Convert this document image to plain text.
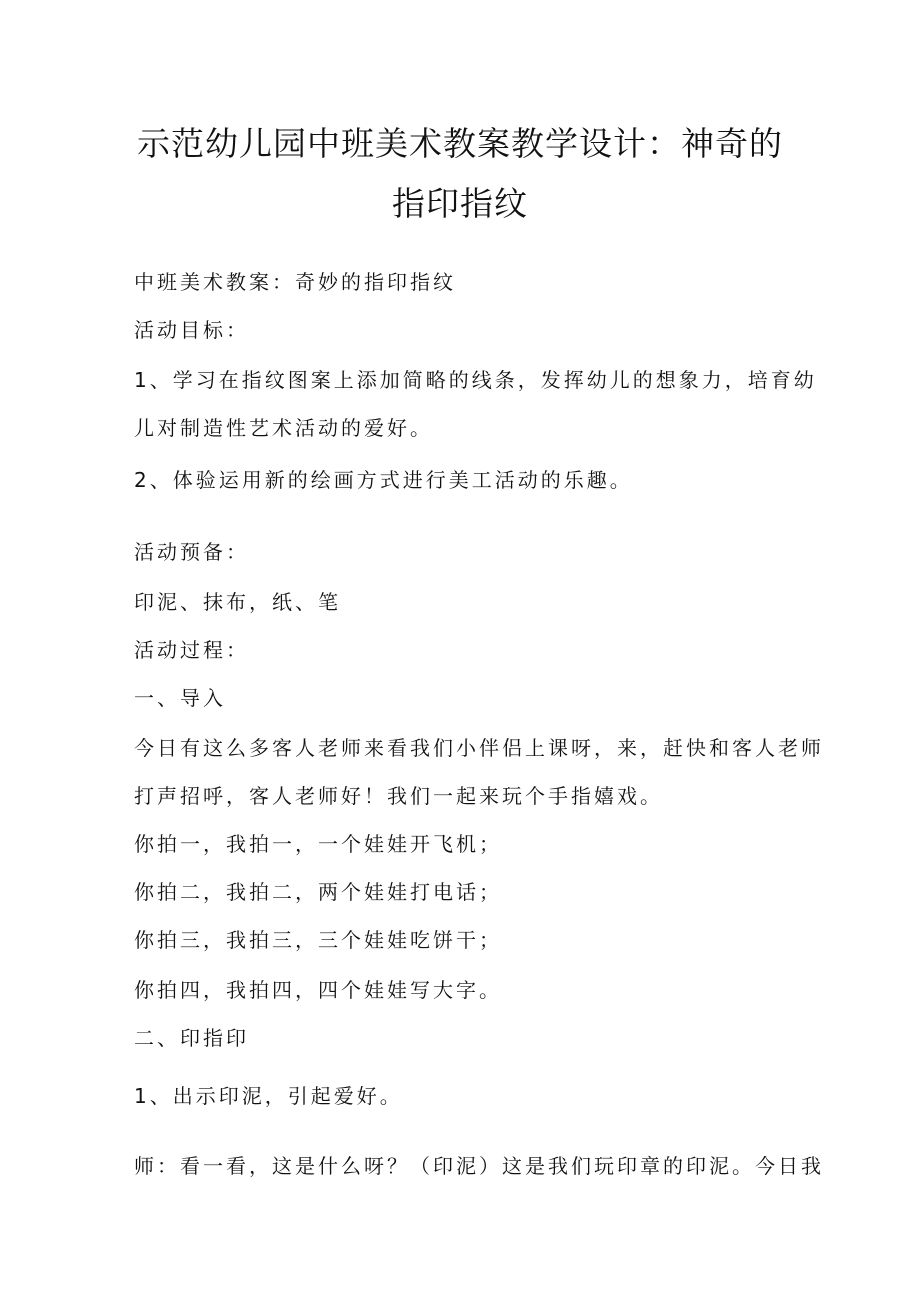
示范幼儿园中班美术教案教学设计：神奇的
指印指纹
中班美术教案：奇妙的指印指纹
活动目标：
1、学习在指纹图案上添加简略的线条，发挥幼儿的想象力，培育幼
儿对制造性艺术活动的爱好。
2、体验运用新的绘画方式进行美工活动的乐趣。
活动预备：
印泥、抹布，纸、笔
活动过程：
一、导入
今日有这么多客人老师来看我们小伴侣上课呀，来，赶快和客人老师
打声招呼，客人老师好！我们一起来玩个手指嬉戏。
你拍一，我拍一，一个娃娃开飞机；
你拍二，我拍二，两个娃娃打电话；
你拍三，我拍三，三个娃娃吃饼干；
你拍四，我拍四，四个娃娃写大字。
二、印指印
1、出示印泥，引起爱好。
师：看一看，这是什么呀？（印泥）这是我们玩印章的印泥。今日我
